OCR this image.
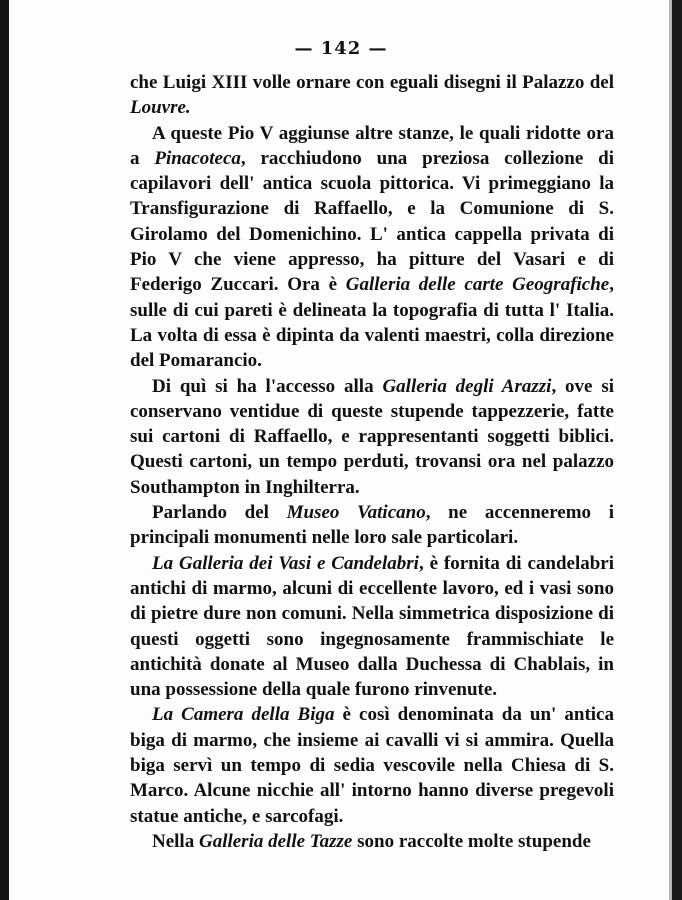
— 142 —

che Luigi XIII volle ornare con eguali disegni il Palazzo del Louvre.

A queste Pio V aggiunse altre stanze, le quali ridotte ora a Pinacoteca, racchiudono una preziosa collezione di capilavori dell' antica scuola pittorica. Vi primeggiano la Transfigurazione di Raffaello, e la Comunione di S. Girolamo del Domenichino. L' antica cappella privata di Pio V che viene appresso, ha pitture del Vasari e di Federigo Zuccari. Ora è Galleria delle carte Geografiche, sulle di cui pareti è delineata la topografia di tutta l' Italia. La volta di essa è dipinta da valenti maestri, colla direzione del Pomarancio.

Di quì si ha l'accesso alla Galleria degli Arazzi, ove si conservano ventidue di queste stupende tappezzerie, fatte sui cartoni di Raffaello, e rappresentanti soggetti biblici. Questi cartoni, un tempo perduti, trovansi ora nel palazzo Southampton in Inghilterra.

Parlando del Museo Vaticano, ne accenneremo i principali monumenti nelle loro sale particolari.

La Galleria dei Vasi e Candelabri, è fornita di candelabri antichi di marmo, alcuni di eccellente lavoro, ed i vasi sono di pietre dure non comuni. Nella simmetrica disposizione di questi oggetti sono ingegnosamente frammischiate le antichità donate al Museo dalla Duchessa di Chablais, in una possessione della quale furono rinvenute.

La Camera della Biga è così denominata da un' antica biga di marmo, che insieme ai cavalli vi si ammira. Quella biga servì un tempo di sedia vescovile nella Chiesa di S. Marco. Alcune nicchie all' intorno hanno diverse pregevoli statue antiche, e sarcofagi.

Nella Galleria delle Tazze sono raccolte molte stupende
